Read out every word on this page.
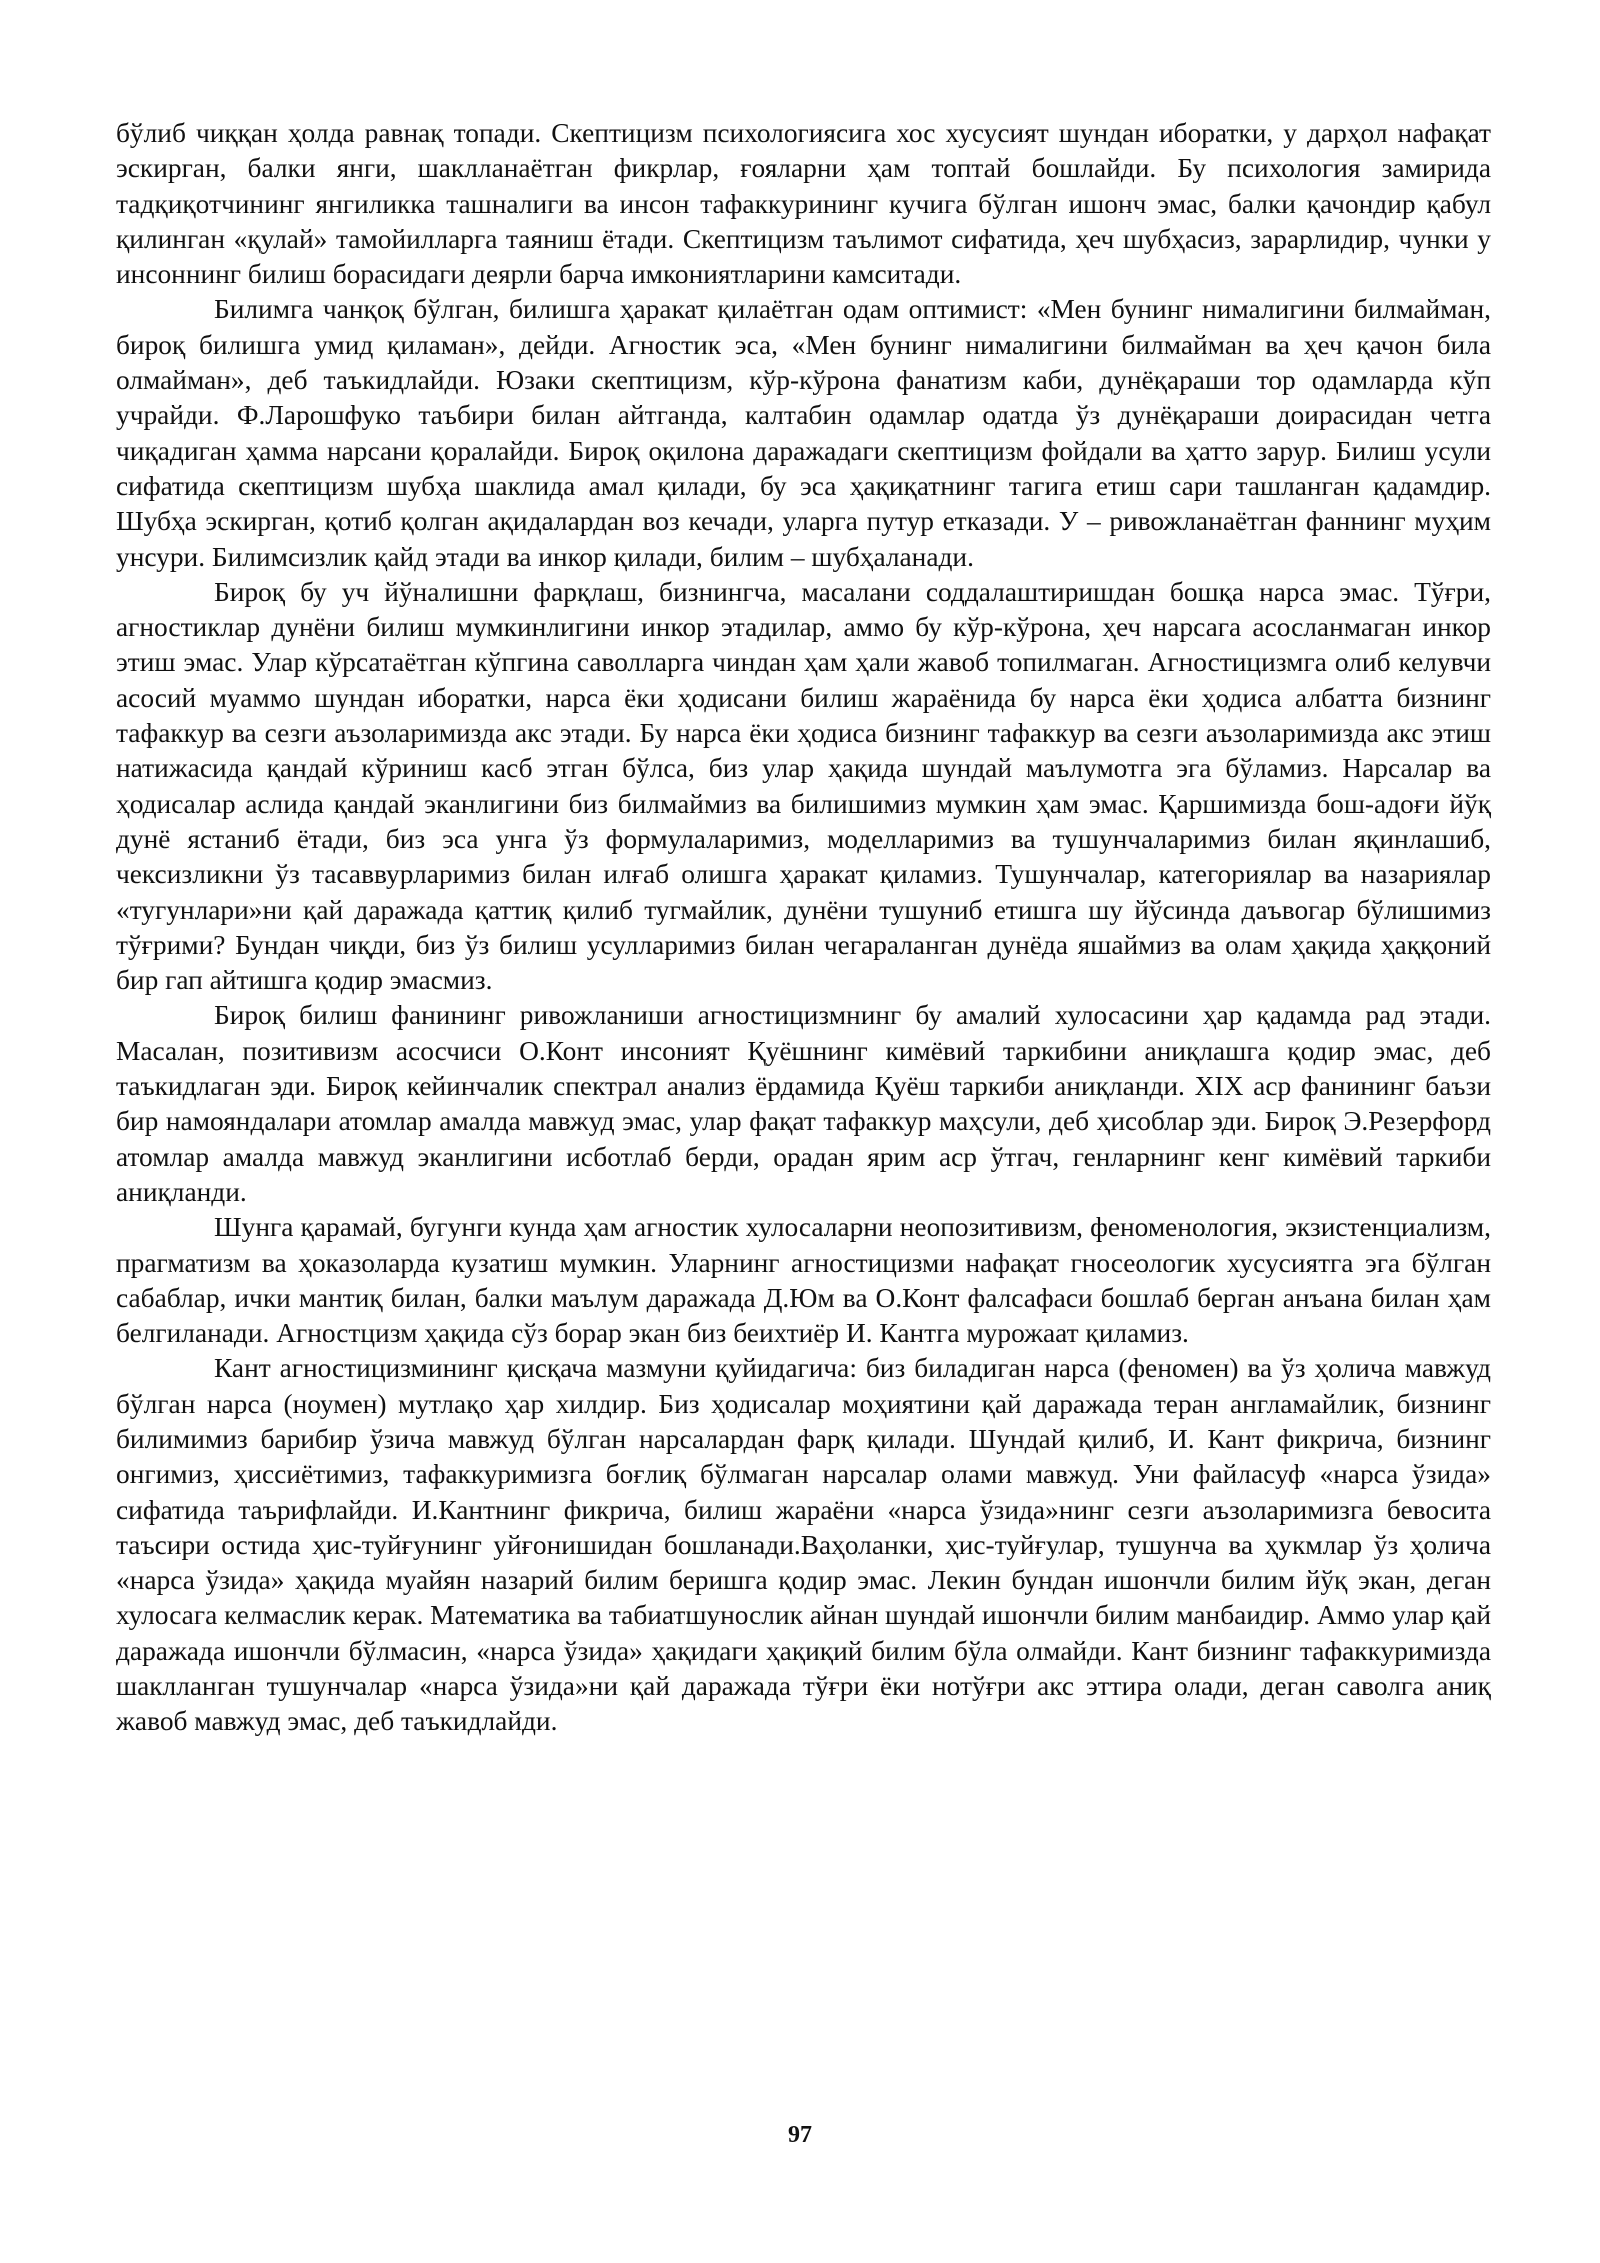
бўлиб чиққан ҳолда равнақ топади. Скептицизм психологиясига хос хусусият шундан иборатки, у дарҳол нафақат эскирган, балки янги, шаклланаётган фикрлар, ғояларни ҳам топтай бошлайди. Бу психология замирида тадқиқотчининг янгиликка ташналиги ва инсон тафаккурининг кучига бўлган ишонч эмас, балки қачондир қабул қилинган «қулай» тамойилларга таяниш ётади. Скептицизм таълимот сифатида, ҳеч шубҳасиз, зарарлидир, чунки у инсоннинг билиш борасидаги деярли барча имкониятларини камситади.

Билимга чанқоқ бўлган, билишга ҳаракат қилаётган одам оптимист: «Мен бунинг нималигини билмайман, бироқ билишга умид қиламан», дейди. Агностик эса, «Мен бунинг нималигини билмайман ва ҳеч қачон била олмайман», деб таъкидлайди. Юзаки скептицизм, кўр-кўрона фанатизм каби, дунёқараши тор одамларда кўп учрайди. Ф.Ларошфуко таъбири билан айтганда, калтабин одамлар одатда ўз дунёқараши доирасидан четга чиқадиган ҳамма нарсани қоралайди. Бироқ оқилона даражадаги скептицизм фойдали ва ҳатто зарур. Билиш усули сифатида скептицизм шубҳа шаклида амал қилади, бу эса ҳақиқатнинг тагига етиш сари ташланган қадамдир. Шубҳа эскирган, қотиб қолган ақидалардан воз кечади, уларга путур етказади. У – ривожланаётган фаннинг муҳим унсури. Билимсизлик қайд этади ва инкор қилади, билим – шубҳаланади.

Бироқ бу уч йўналишни фарқлаш, бизнингча, масалани соддалаштиришдан бошқа нарса эмас. Тўғри, агностиклар дунёни билиш мумкинлигини инкор этадилар, аммо бу кўр-кўрона, ҳеч нарсага асосланмаган инкор этиш эмас. Улар кўрсатаётган кўпгина саволларга чиндан ҳам ҳали жавоб топилмаган. Агностицизмга олиб келувчи асосий муаммо шундан иборатки, нарса ёки ҳодисани билиш жараёнида бу нарса ёки ҳодиса албатта бизнинг тафаккур ва сезги аъзоларимизда акс этади. Бу нарса ёки ҳодиса бизнинг тафаккур ва сезги аъзоларимизда акс этиш натижасида қандай кўриниш касб этган бўлса, биз улар ҳақида шундай маълумотга эга бўламиз. Нарсалар ва ҳодисалар аслида қандай эканлигини биз билмаймиз ва билишимиз мумкин ҳам эмас. Қаршимизда бош-адоғи йўқ дунё ястаниб ётади, биз эса унга ўз формулаларимиз, моделларимиз ва тушунчаларимиз билан яқинлашиб, чексизликни ўз тасаввурларимиз билан илғаб олишга ҳаракат қиламиз. Тушунчалар, категориялар ва назариялар «тугунлари»ни қай даражада қаттиқ қилиб тугмайлик, дунёни тушуниб етишга шу йўсинда даъвогар бўлишимиз тўғрими? Бундан чиқди, биз ўз билиш усулларимиз билан чегараланган дунёда яшаймиз ва олам ҳақида ҳаққоний бир гап айтишга қодир эмасмиз.

Бироқ билиш фанининг ривожланиши агностицизмнинг бу амалий хулосасини ҳар қадамда рад этади. Масалан, позитивизм асосчиси О.Конт инсоният Қуёшнинг кимёвий таркибини аниқлашга қодир эмас, деб таъкидлаган эди. Бироқ кейинчалик спектрал анализ ёрдамида Қуёш таркиби аниқланди. XIX аср фанининг баъзи бир намояндалари атомлар амалда мавжуд эмас, улар фақат тафаккур маҳсули, деб ҳисоблар эди. Бироқ Э.Резерфорд атомлар амалда мавжуд эканлигини исботлаб берди, орадан ярим аср ўтгач, генларнинг кенг кимёвий таркиби аниқланди.

Шунга қарамай, бугунги кунда ҳам агностик хулосаларни неопозитивизм, феноменология, экзистенциализм, прагматизм ва ҳоказоларда кузатиш мумкин. Уларнинг агностицизми нафақат гносеологик хусусиятга эга бўлган сабаблар, ички мантиқ билан, балки маълум даражада Д.Юм ва О.Конт фалсафаси бошлаб берган анъана билан ҳам белгиланади. Агностцизм ҳақида сўз борар экан биз беихтиёр И. Кантга мурожаат қиламиз.

Кант агностицизмининг қисқача мазмуни қуйидагича: биз биладиган нарса (феномен) ва ўз ҳолича мавжуд бўлган нарса (ноумен) мутлақо ҳар хилдир. Биз ҳодисалар моҳиятини қай даражада теран англамайлик, бизнинг билимимиз барибир ўзича мавжуд бўлган нарсалардан фарқ қилади. Шундай қилиб, И. Кант фикрича, бизнинг онгимиз, ҳиссиётимиз, тафаккуримизга боғлиқ бўлмаган нарсалар олами мавжуд. Уни файласуф «нарса ўзида» сифатида таърифлайди. И.Кантнинг фикрича, билиш жараёни «нарса ўзида»нинг сезги аъзоларимизга бевосита таъсири остида ҳис-туйғунинг уйғонишидан бошланади.Ваҳоланки, ҳис-туйғулар, тушунча ва ҳукмлар ўз ҳолича «нарса ўзида» ҳақида муайян назарий билим беришга қодир эмас. Лекин бундан ишончли билим йўқ экан, деган хулосага келмаслик керак. Математика ва табиатшунослик айнан шундай ишончли билим манбаидир. Аммо улар қай даражада ишончли бўлмасин, «нарса ўзида» ҳақидаги ҳақиқий билим бўла олмайди. Кант бизнинг тафаккуримизда шаклланган тушунчалар «нарса ўзида»ни қай даражада тўғри ёки нотўғри акс эттира олади, деган саволга аниқ жавоб мавжуд эмас, деб таъкидлайди.

97
